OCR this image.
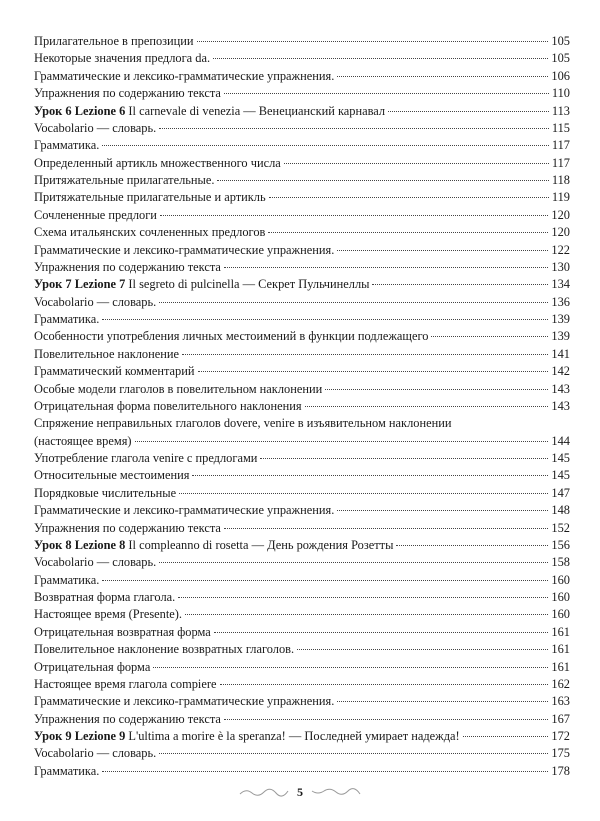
Прилагательное в препозиции	105
Некоторые значения предлога da.	105
Грамматические и лексико-грамматические упражнения.	106
Упражнения по содержанию текста	110
Урок 6 Lezione 6 Il carnevale di venezia — Венецианский карнавал	113
Vocabolario — словарь.	115
Грамматика.	117
Определенный артикль множественного числа	117
Притяжательные прилагательные.	118
Притяжательные прилагательные и артикль	119
Сочлененные предлоги	120
Схема итальянских сочлененных предлогов	120
Грамматические и лексико-грамматические упражнения.	122
Упражнения по содержанию текста	130
Урок 7 Lezione 7 Il segreto di pulcinella — Секрет Пульчинеллы	134
Vocabolario — словарь.	136
Грамматика.	139
Особенности употребления личных местоимений в функции подлежащего	139
Повелительное наклонение	141
Грамматический комментарий	142
Особые модели глаголов в повелительном наклонении	143
Отрицательная форма повелительного наклонения	143
Спряжение неправильных глаголов dovere, venire в изъявительном наклонении
(настоящее время)	144
Употребление глагола venire с предлогами	145
Относительные местоимения	145
Порядковые числительные	147
Грамматические и лексико-грамматические упражнения.	148
Упражнения по содержанию текста	152
Урок 8 Lezione 8 Il compleanno di rosetta — День рождения Розетты	156
Vocabolario — словарь.	158
Грамматика.	160
Возвратная форма глагола.	160
Настоящее время (Presente).	160
Отрицательная возвратная форма	161
Повелительное наклонение возвратных глаголов.	161
Отрицательная форма	161
Настоящее время глагола compiere	162
Грамматические и лексико-грамматические упражнения.	163
Упражнения по содержанию текста	167
Урок 9 Lezione 9 L'ultima a morire è la speranza! — Последней умирает надежда!	172
Vocabolario — словарь.	175
Грамматика.	178
5
